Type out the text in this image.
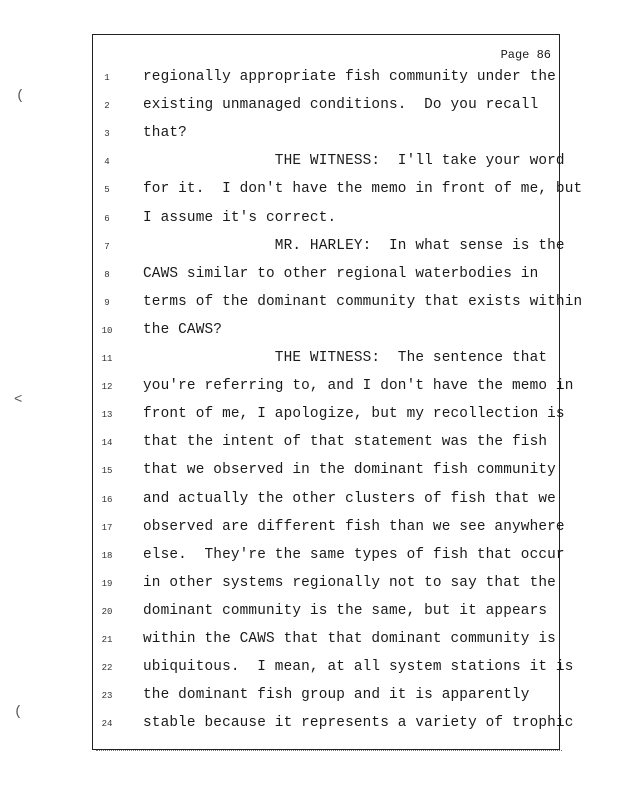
Page 86
1	regionally appropriate fish community under the
2	existing unmanaged conditions.  Do you recall
3	that?
4	THE WITNESS:  I'll take your word
5	for it.  I don't have the memo in front of me, but
6	I assume it's correct.
7	MR. HARLEY:  In what sense is the
8	CAWS similar to other regional waterbodies in
9	terms of the dominant community that exists within
10	the CAWS?
11	THE WITNESS:  The sentence that
12	you're referring to, and I don't have the memo in
13	front of me, I apologize, but my recollection is
14	that the intent of that statement was the fish
15	that we observed in the dominant fish community
16	and actually the other clusters of fish that we
17	observed are different fish than we see anywhere
18	else.  They're the same types of fish that occur
19	in other systems regionally not to say that the
20	dominant community is the same, but it appears
21	within the CAWS that that dominant community is
22	ubiquitous.  I mean, at all system stations it is
23	the dominant fish group and it is apparently
24	stable because it represents a variety of trophic
(
<
(
